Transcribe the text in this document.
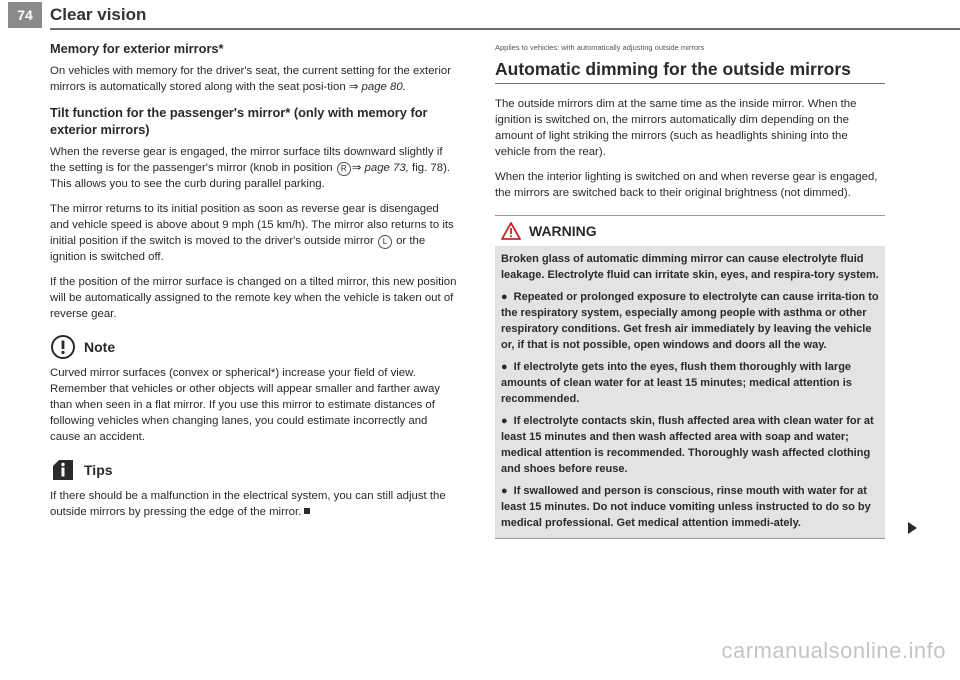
74	Clear vision
Memory for exterior mirrors*

On vehicles with memory for the driver's seat, the current setting for the exterior mirrors is automatically stored along with the seat posi-tion ⇒ page 80.

Tilt function for the passenger's mirror* (only with memory for exterior mirrors)

When the reverse gear is engaged, the mirror surface tilts downward slightly if the setting is for the passenger's mirror (knob in position R ⇒ page 73, fig. 78). This allows you to see the curb during parallel parking.

The mirror returns to its initial position as soon as reverse gear is disengaged and vehicle speed is above about 9 mph (15 km/h). The mirror also returns to its initial position if the switch is moved to the driver's outside mirror L or the ignition is switched off.

If the position of the mirror surface is changed on a tilted mirror, this new position will be automatically assigned to the remote key when the vehicle is taken out of reverse gear.

Note

Curved mirror surfaces (convex or spherical*) increase your field of view. Remember that vehicles or other objects will appear smaller and farther away than when seen in a flat mirror. If you use this mirror to estimate distances of following vehicles when changing lanes, you could estimate incorrectly and cause an accident.

Tips

If there should be a malfunction in the electrical system, you can still adjust the outside mirrors by pressing the edge of the mirror.

Applies to vehicles: with automatically adjusting outside mirrors
Automatic dimming for the outside mirrors

The outside mirrors dim at the same time as the inside mirror. When the ignition is switched on, the mirrors automatically dim depending on the amount of light striking the mirrors (such as headlights shining into the vehicle from the rear).

When the interior lighting is switched on and when reverse gear is engaged, the mirrors are switched back to their original brightness (not dimmed).

WARNING

Broken glass of automatic dimming mirror can cause electrolyte fluid leakage. Electrolyte fluid can irritate skin, eyes, and respira-tory system.

● Repeated or prolonged exposure to electrolyte can cause irrita-tion to the respiratory system, especially among people with asthma or other respiratory conditions. Get fresh air immediately by leaving the vehicle or, if that is not possible, open windows and doors all the way.

● If electrolyte gets into the eyes, flush them thoroughly with large amounts of clean water for at least 15 minutes; medical attention is recommended.

● If electrolyte contacts skin, flush affected area with clean water for at least 15 minutes and then wash affected area with soap and water; medical attention is recommended. Thoroughly wash affected clothing and shoes before reuse.

● If swallowed and person is conscious, rinse mouth with water for at least 15 minutes. Do not induce vomiting unless instructed to do so by medical professional. Get medical attention immedi-ately.

carmanualsonline.info
